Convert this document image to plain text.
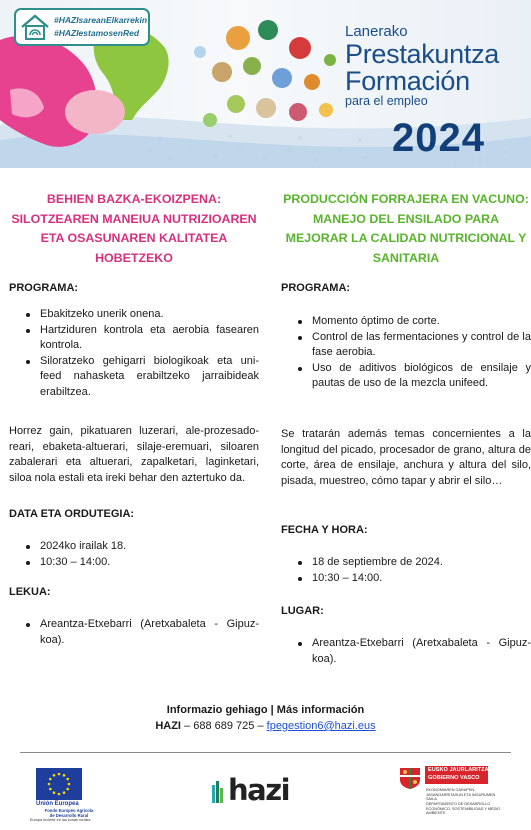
#HAZIsareanElkarrekin
#HAZIestamosenRed	Lanerako
Prestakuntza
Formación
para el empleo
2024
BEHIEN BAZKA-EKOIZPENA: SILOTZEAREN MANEIUA NUTRIZIOAREN ETA OSASUNAREN KALITATEA HOBETZEKO
PROGRAMA:
Ebakitzeko unerik onena.
Hartziduren kontrola eta aerobia fasearen kontrola.
Siloratzeko gehigarri biologikoak eta uni-feed nahasketa erabiltzeko jarraibideak erabiltzea.

Horrez gain, pikatuaren luzerari, ale-prozesado-reari, ebaketa-altuerari, silaje-eremuari, siloaren zabalerari eta altuerari, zapalketari, laginketari, siloa nola estali eta ireki behar den aztertuko da.

DATA ETA ORDUTEGIA:
2024ko irailak 18.
10:30 – 14:00.
LEKUA:
Areantza-Etxebarri (Aretxabaleta - Gipuz-koa).
PRODUCCIÓN FORRAJERA EN VACUNO: MANEJO DEL ENSILADO PARA MEJORAR LA CALIDAD NUTRICIONAL Y SANITARIA
PROGRAMA:
Momento óptimo de corte.
Control de las fermentaciones y control de la fase aerobia.
Uso de aditivos biológicos de ensilaje y pautas de uso de la mezcla unifeed.

Se tratarán además temas concernientes a la longitud del picado, procesador de grano, altura de corte, área de ensilaje, anchura y altura del silo, pisada, muestreo, cómo tapar y abrir el silo…

FECHA Y HORA:
18 de septiembre de 2024.
10:30 – 14:00.
LUGAR:
Areantza-Etxebarri (Aretxabaleta - Gipuz-koa).
Informazio gehiago | Más información
HAZI – 688 689 725 – fpegestion6@hazi.eus
Unión Europea
Fondo Europeo Agrícola de Desarrollo Rural
Europa invierte en las zonas rurales
hazi
EUSKO JAURLARITZA
GOBIERNO VASCO
EKONOMIAREN GARAPEN, JASANGARRITASUN ETA INGURUMEN SAILA
DEPARTAMENTO DE DESARROLLO ECONÓMICO, SOSTENIBILIDAD Y MEDIO AMBIENTE
